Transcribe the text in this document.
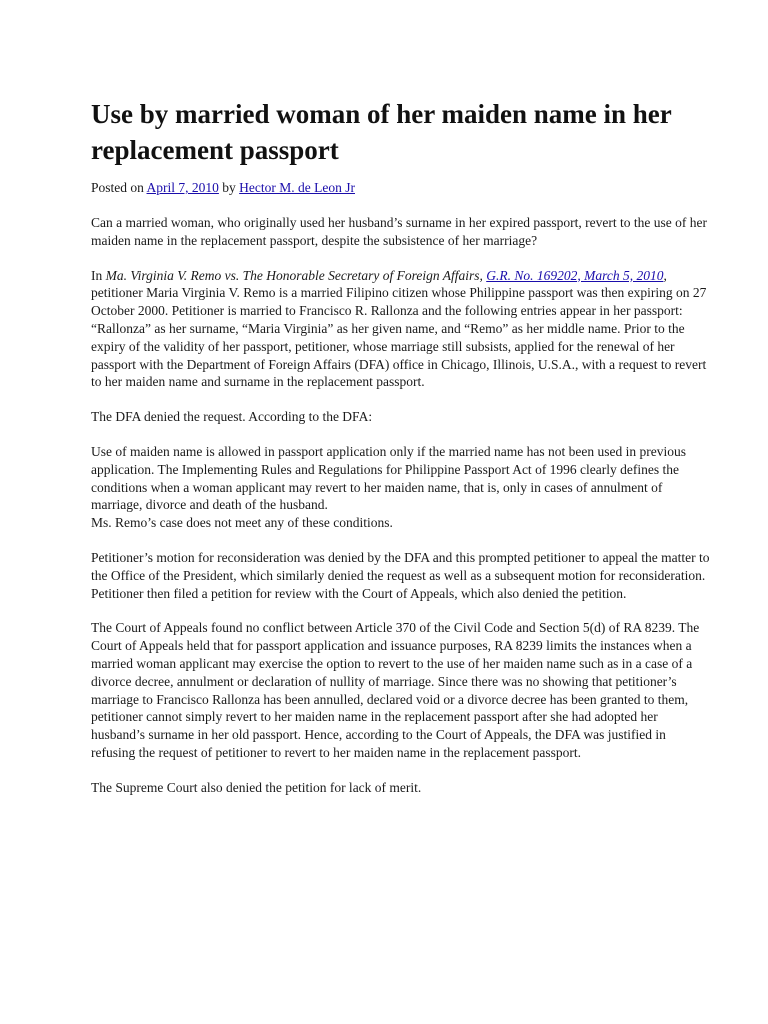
Use by married woman of her maiden name in her replacement passport
Posted on April 7, 2010 by Hector M. de Leon Jr

Can a married woman, who originally used her husband’s surname in her expired passport, revert to the use of her maiden name in the replacement passport, despite the subsistence of her marriage?

In Ma. Virginia V. Remo vs. The Honorable Secretary of Foreign Affairs, G.R. No. 169202, March 5, 2010, petitioner Maria Virginia V. Remo is a married Filipino citizen whose Philippine passport was then expiring on 27 October 2000. Petitioner is married to Francisco R. Rallonza and the following entries appear in her passport: “Rallonza” as her surname, “Maria Virginia” as her given name, and “Remo” as her middle name. Prior to the expiry of the validity of her passport, petitioner, whose marriage still subsists, applied for the renewal of her passport with the Department of Foreign Affairs (DFA) office in Chicago, Illinois, U.S.A., with a request to revert to her maiden name and surname in the replacement passport.

The DFA denied the request. According to the DFA:

Use of maiden name is allowed in passport application only if the married name has not been used in previous application. The Implementing Rules and Regulations for Philippine Passport Act of 1996 clearly defines the conditions when a woman applicant may revert to her maiden name, that is, only in cases of annulment of marriage, divorce and death of the husband.

Ms. Remo’s case does not meet any of these conditions.

Petitioner’s motion for reconsideration was denied by the DFA and this prompted petitioner to appeal the matter to the Office of the President, which similarly denied the request as well as a subsequent motion for reconsideration. Petitioner then filed a petition for review with the Court of Appeals, which also denied the petition.

The Court of Appeals found no conflict between Article 370 of the Civil Code and Section 5(d) of RA 8239. The Court of Appeals held that for passport application and issuance purposes, RA 8239 limits the instances when a married woman applicant may exercise the option to revert to the use of her maiden name such as in a case of a divorce decree, annulment or declaration of nullity of marriage. Since there was no showing that petitioner’s marriage to Francisco Rallonza has been annulled, declared void or a divorce decree has been granted to them, petitioner cannot simply revert to her maiden name in the replacement passport after she had adopted her husband’s surname in her old passport. Hence, according to the Court of Appeals, the DFA was justified in refusing the request of petitioner to revert to her maiden name in the replacement passport.

The Supreme Court also denied the petition for lack of merit.
